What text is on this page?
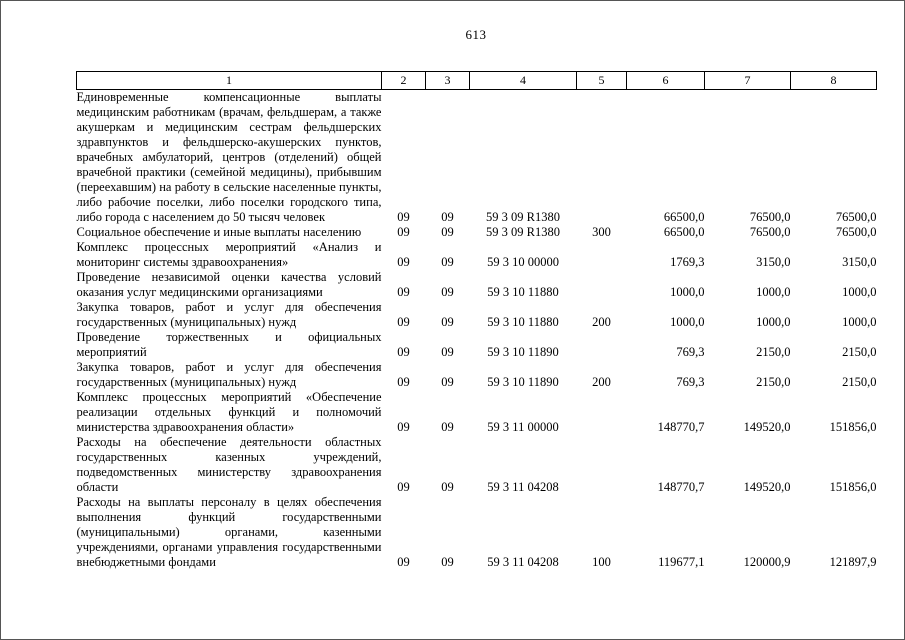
613
1	2	3	4	5	6	7	8
Единовременные компенсационные выплаты медицинским работникам (врачам, фельдшерам, а также акушеркам и медицинским сестрам фельдшерских здравпунктов и фельдшерско-акушерских пунктов, врачебных амбулаторий, центров (отделений) общей врачебной практики (семейной медицины), прибывшим (переехавшим) на работу в сельские населенные пункты, либо рабочие поселки, либо поселки городского типа, либо города с населением до 50 тысяч человек	09	09	59 3 09 R1380		66500,0	76500,0	76500,0
Социальное обеспечение и иные выплаты населению	09	09	59 3 09 R1380	300	66500,0	76500,0	76500,0
Комплекс процессных мероприятий «Анализ и мониторинг системы здравоохранения»	09	09	59 3 10 00000		1769,3	3150,0	3150,0
Проведение независимой оценки качества условий оказания услуг медицинскими организациями	09	09	59 3 10 11880		1000,0	1000,0	1000,0
Закупка товаров, работ и услуг для обеспечения государственных (муниципальных) нужд	09	09	59 3 10 11880	200	1000,0	1000,0	1000,0
Проведение торжественных и официальных мероприятий	09	09	59 3 10 11890		769,3	2150,0	2150,0
Закупка товаров, работ и услуг для обеспечения государственных (муниципальных) нужд	09	09	59 3 10 11890	200	769,3	2150,0	2150,0
Комплекс процессных мероприятий «Обеспечение реализации отдельных функций и полномочий министерства здравоохранения области»	09	09	59 3 11 00000		148770,7	149520,0	151856,0
Расходы на обеспечение деятельности областных государственных казенных учреждений, подведомственных министерству здравоохранения области	09	09	59 3 11 04208		148770,7	149520,0	151856,0
Расходы на выплаты персоналу в целях обеспечения выполнения функций государственными (муниципальными) органами, казенными учреждениями, органами управления государственными внебюджетными фондами	09	09	59 3 11 04208	100	119677,1	120000,9	121897,9
